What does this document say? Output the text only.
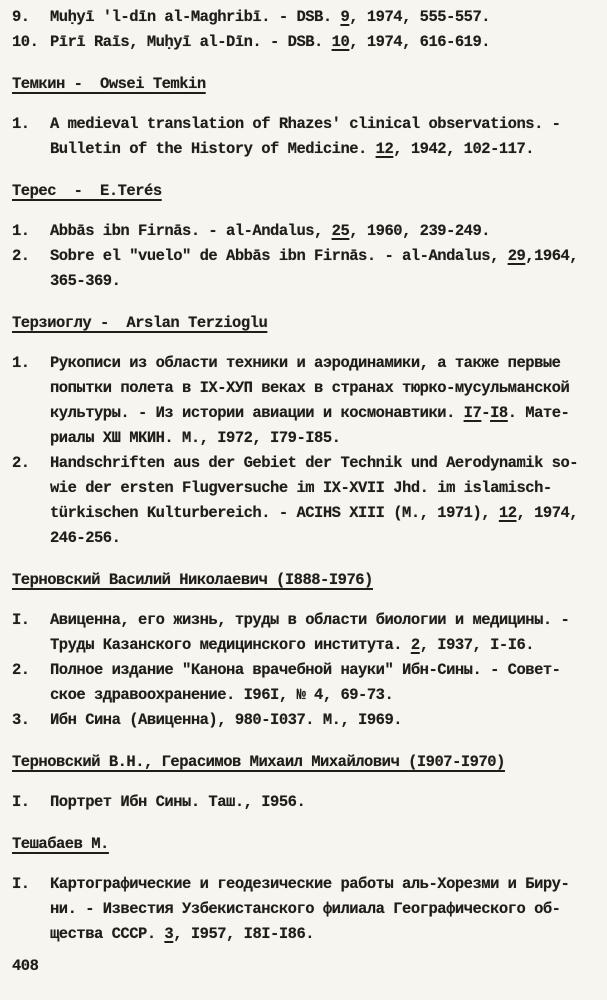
9.	Muḥyī 'l-dīn al-Maghribī. - DSB. 9, 1974, 555-557.
10. Pīrī Raīs, Muḥyī al-Dīn. - DSB. 10, 1974, 616-619.
Темкин -  Owsei Temkin
1.	A medieval translation of Rhazes' clinical observations. -
Bulletin of the History of Medicine. 12, 1942, 102-117.
Терес  -  E.Terés
1.	Abbās ibn Firnās. - al-Andalus, 25, 1960, 239-249.
2.	Sobre el "vuelo" de Abbās ibn Firnās. - al-Andalus, 29,1964,
365-369.
Терзиоглу -  Arslan Terzioglu
1.	Рукописи из области техники и аэродинамики, а также первые
попытки полета в IX-ХУП веках в странах тюрко-мусульманской
культуры. - Из истории авиации и космонавтики. I7-I8. Мате-
риалы ХШ МКИН. М., I972, I79-I85.
2.	Handschriften aus der Gebiet der Technik und Aerodynamik so-
wie der ersten Flugversuche im IX-XVII Jhd. im islamisch-
türkischen Kulturbereich. - ACIHS XIII (M., 1971), 12, 1974,
246-256.
Терновский Василий Николаевич (I888-I976)
I.	Авиценна, его жизнь, труды в области биологии и медицины. -
Труды Казанского медицинского института. 2, I937, I-I6.
2.	Полное издание "Канона врачебной науки" Ибн-Сины. - Совет-
ское здравоохранение. I96I, № 4, 69-73.
3.	Ибн Сина (Авиценна), 980-I037. М., I969.
Терновский В.Н., Герасимов Михаил Михайлович (I907-I970)
I.	Портрет Ибн Сины. Таш., I956.
Тешабаев М.
I.	Картографические и геодезические работы аль-Хорезми и Биру-
ни. - Известия Узбекистанского филиала Географического об-
щества СССР. 3, I957, I8I-I86.
408
